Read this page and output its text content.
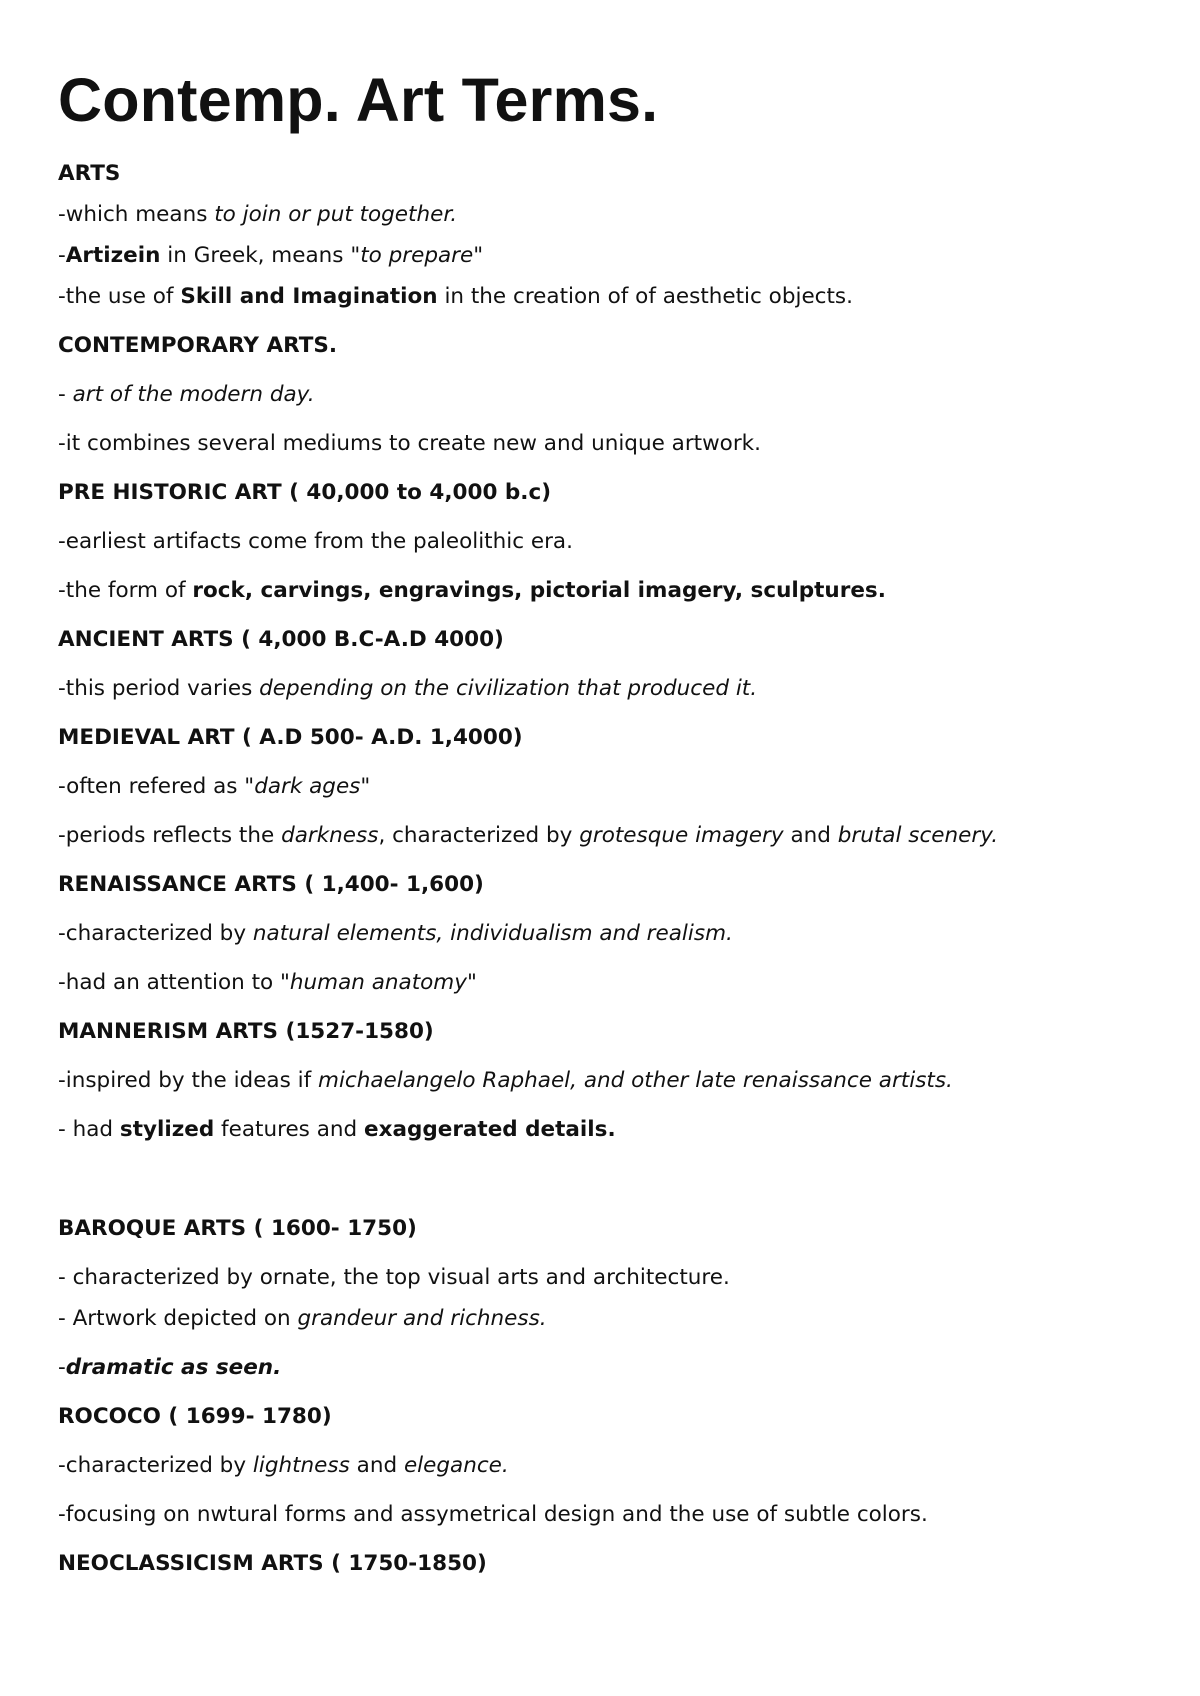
Contemp. Art Terms.
ARTS
-which means to join or put together.
-Artizein in Greek, means "to prepare"
-the use of Skill and Imagination in the creation of of aesthetic objects.
CONTEMPORARY ARTS.
- art of the modern day.
-it combines several mediums to create new and unique artwork.
PRE HISTORIC ART ( 40,000 to 4,000 b.c)
-earliest artifacts come from the paleolithic era.
-the form of rock, carvings, engravings, pictorial imagery, sculptures.
ANCIENT ARTS ( 4,000 B.C-A.D 4000)
-this period varies depending on the civilization that produced it.
MEDIEVAL ART ( A.D 500- A.D. 1,4000)
-often refered as "dark ages"
-periods reflects the darkness, characterized by grotesque imagery and brutal scenery.
RENAISSANCE ARTS ( 1,400- 1,600)
-characterized by natural elements, individualism and realism.
-had an attention to "human anatomy"
MANNERISM ARTS (1527-1580)
-inspired by the ideas if michaelangelo Raphael, and other late renaissance artists.
- had stylized features and exaggerated details.
BAROQUE ARTS ( 1600- 1750)
- characterized by ornate, the top visual arts and architecture.
- Artwork depicted on grandeur and richness.
-dramatic as seen.
ROCOCO ( 1699- 1780)
-characterized by lightness and elegance.
-focusing on nwtural forms and assymetrical design and the use of subtle colors.
NEOCLASSICISM ARTS ( 1750-1850)
